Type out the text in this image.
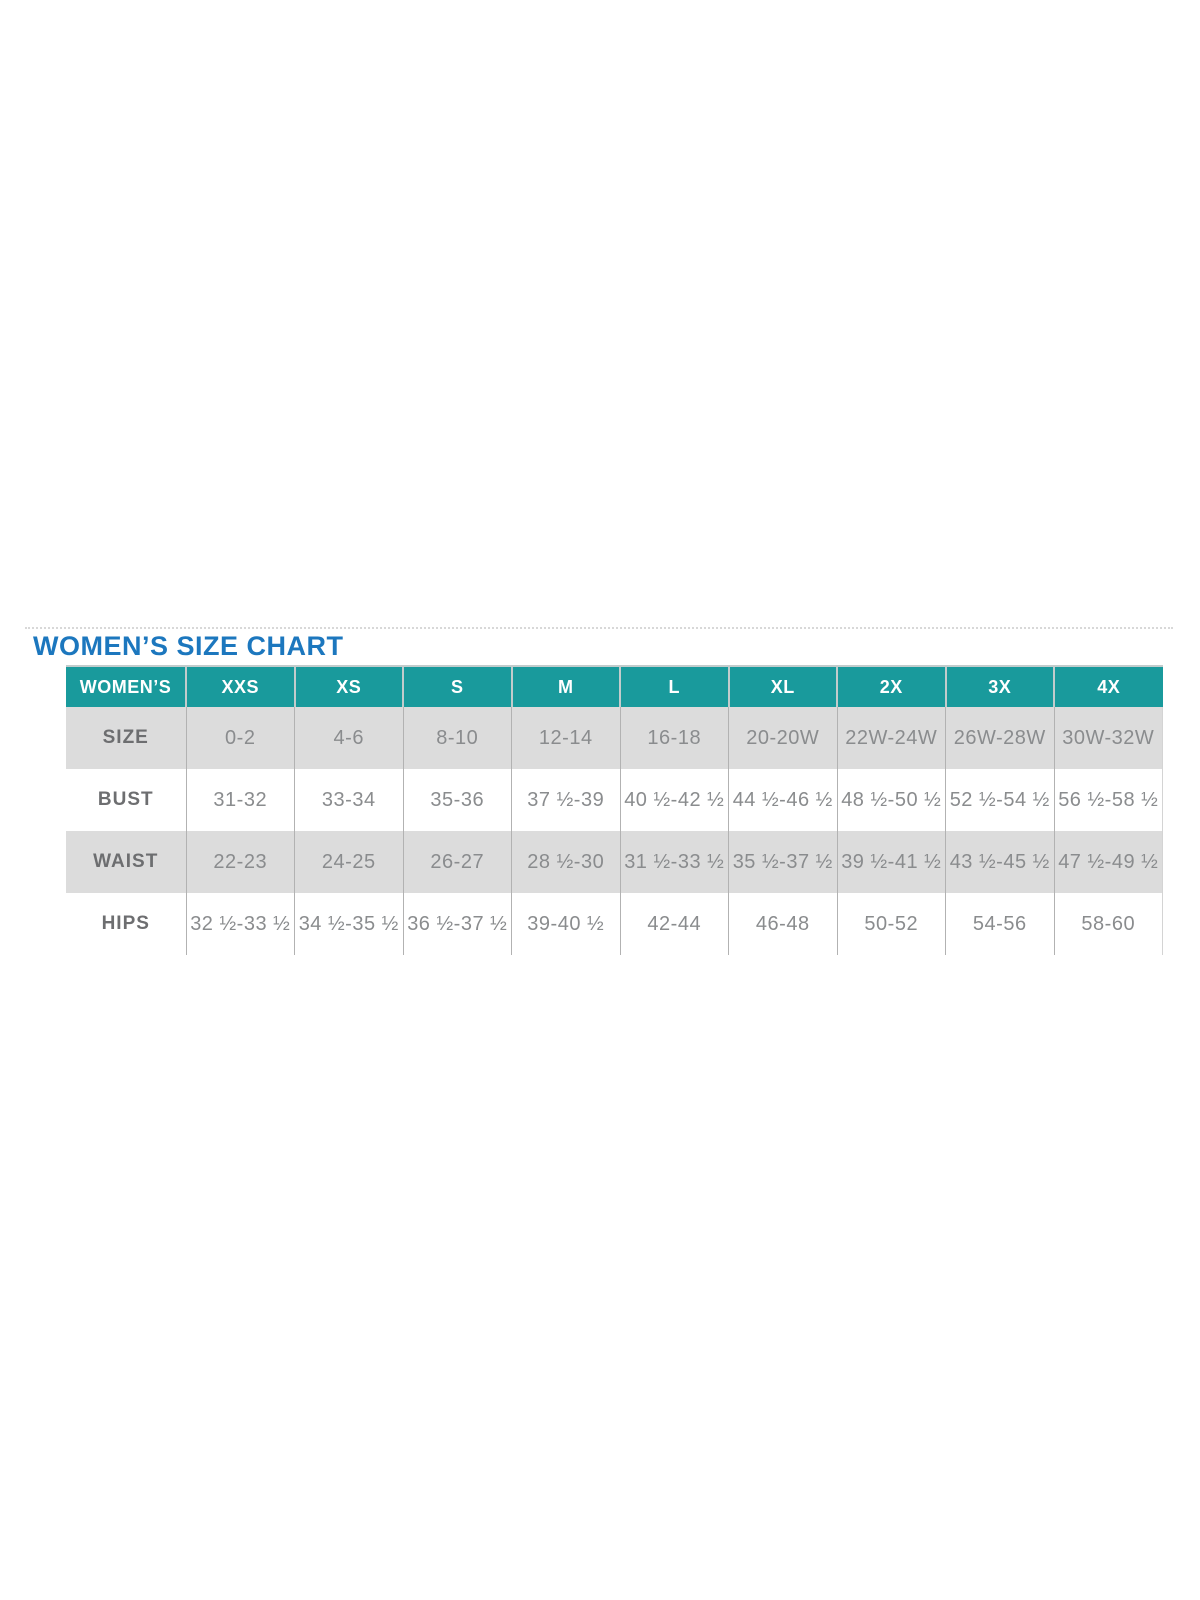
WOMEN’S SIZE CHART
WOMEN’S	XXS	XS	S	M	L	XL	2X	3X	4X
SIZE	0-2	4-6	8-10	12-14	16-18	20-20W	22W-24W	26W-28W	30W-32W
BUST	31-32	33-34	35-36	37 ½-39	40 ½-42 ½	44 ½-46 ½	48 ½-50 ½	52 ½-54 ½	56 ½-58 ½
WAIST	22-23	24-25	26-27	28 ½-30	31 ½-33 ½	35 ½-37 ½	39 ½-41 ½	43 ½-45 ½	47 ½-49 ½
HIPS	32 ½-33 ½	34 ½-35 ½	36 ½-37 ½	39-40 ½	42-44	46-48	50-52	54-56	58-60
